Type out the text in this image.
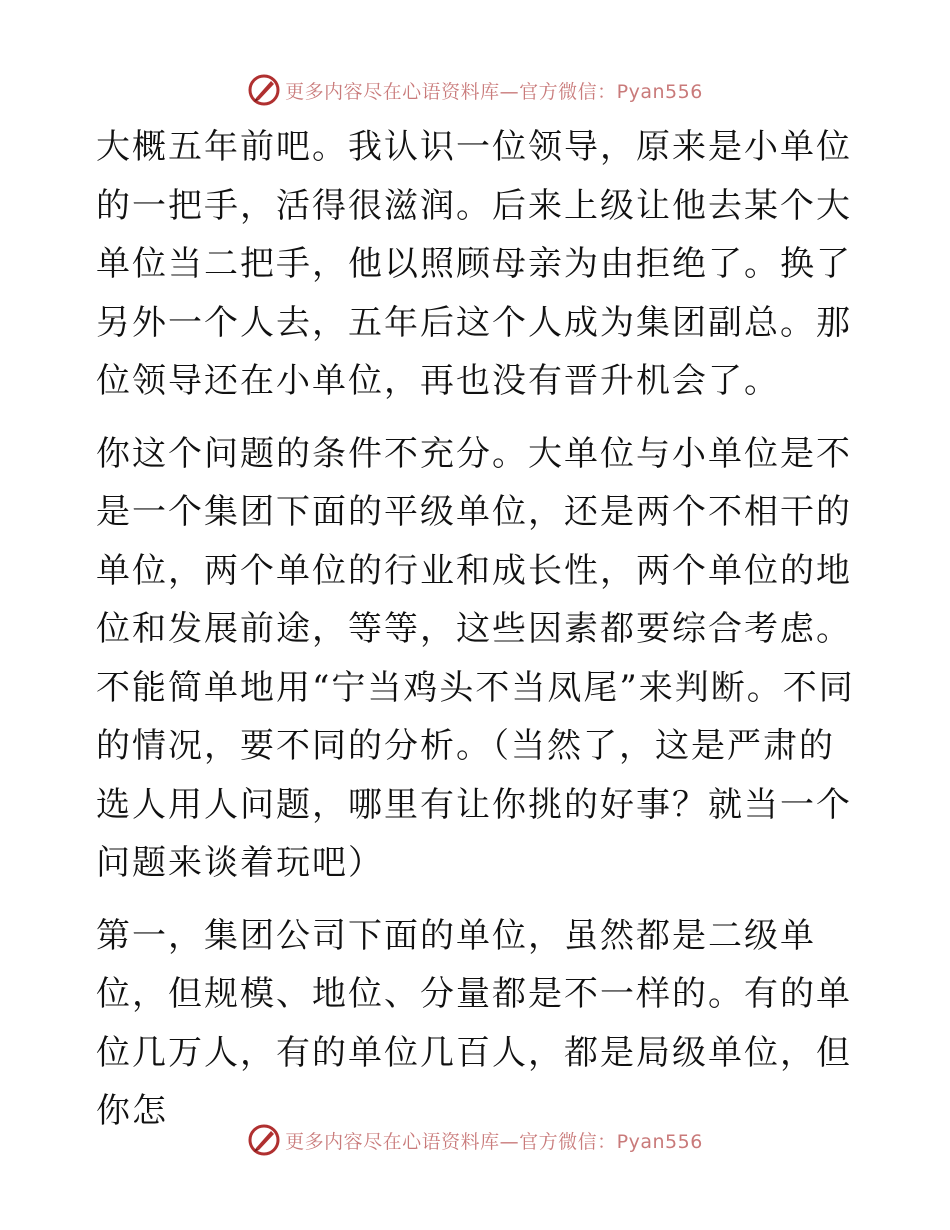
更多内容尽在心语资料库—官方微信：Pyan556

大概五年前吧。我认识一位领导，原来是小单位的一把手，活得很滋润。后来上级让他去某个大单位当二把手，他以照顾母亲为由拒绝了。换了另外一个人去，五年后这个人成为集团副总。那位领导还在小单位，再也没有晋升机会了。

你这个问题的条件不充分。大单位与小单位是不是一个集团下面的平级单位，还是两个不相干的单位，两个单位的行业和成长性，两个单位的地位和发展前途，等等，这些因素都要综合考虑。不能简单地用“宁当鸡头不当凤尾”来判断。不同的情况，要不同的分析。（当然了，这是严肃的选人用人问题，哪里有让你挑的好事？就当一个问题来谈着玩吧）

第一，集团公司下面的单位，虽然都是二级单位，但规模、地位、分量都是不一样的。有的单位几万人，有的单位几百人，都是局级单位，但你怎

更多内容尽在心语资料库—官方微信：Pyan556
